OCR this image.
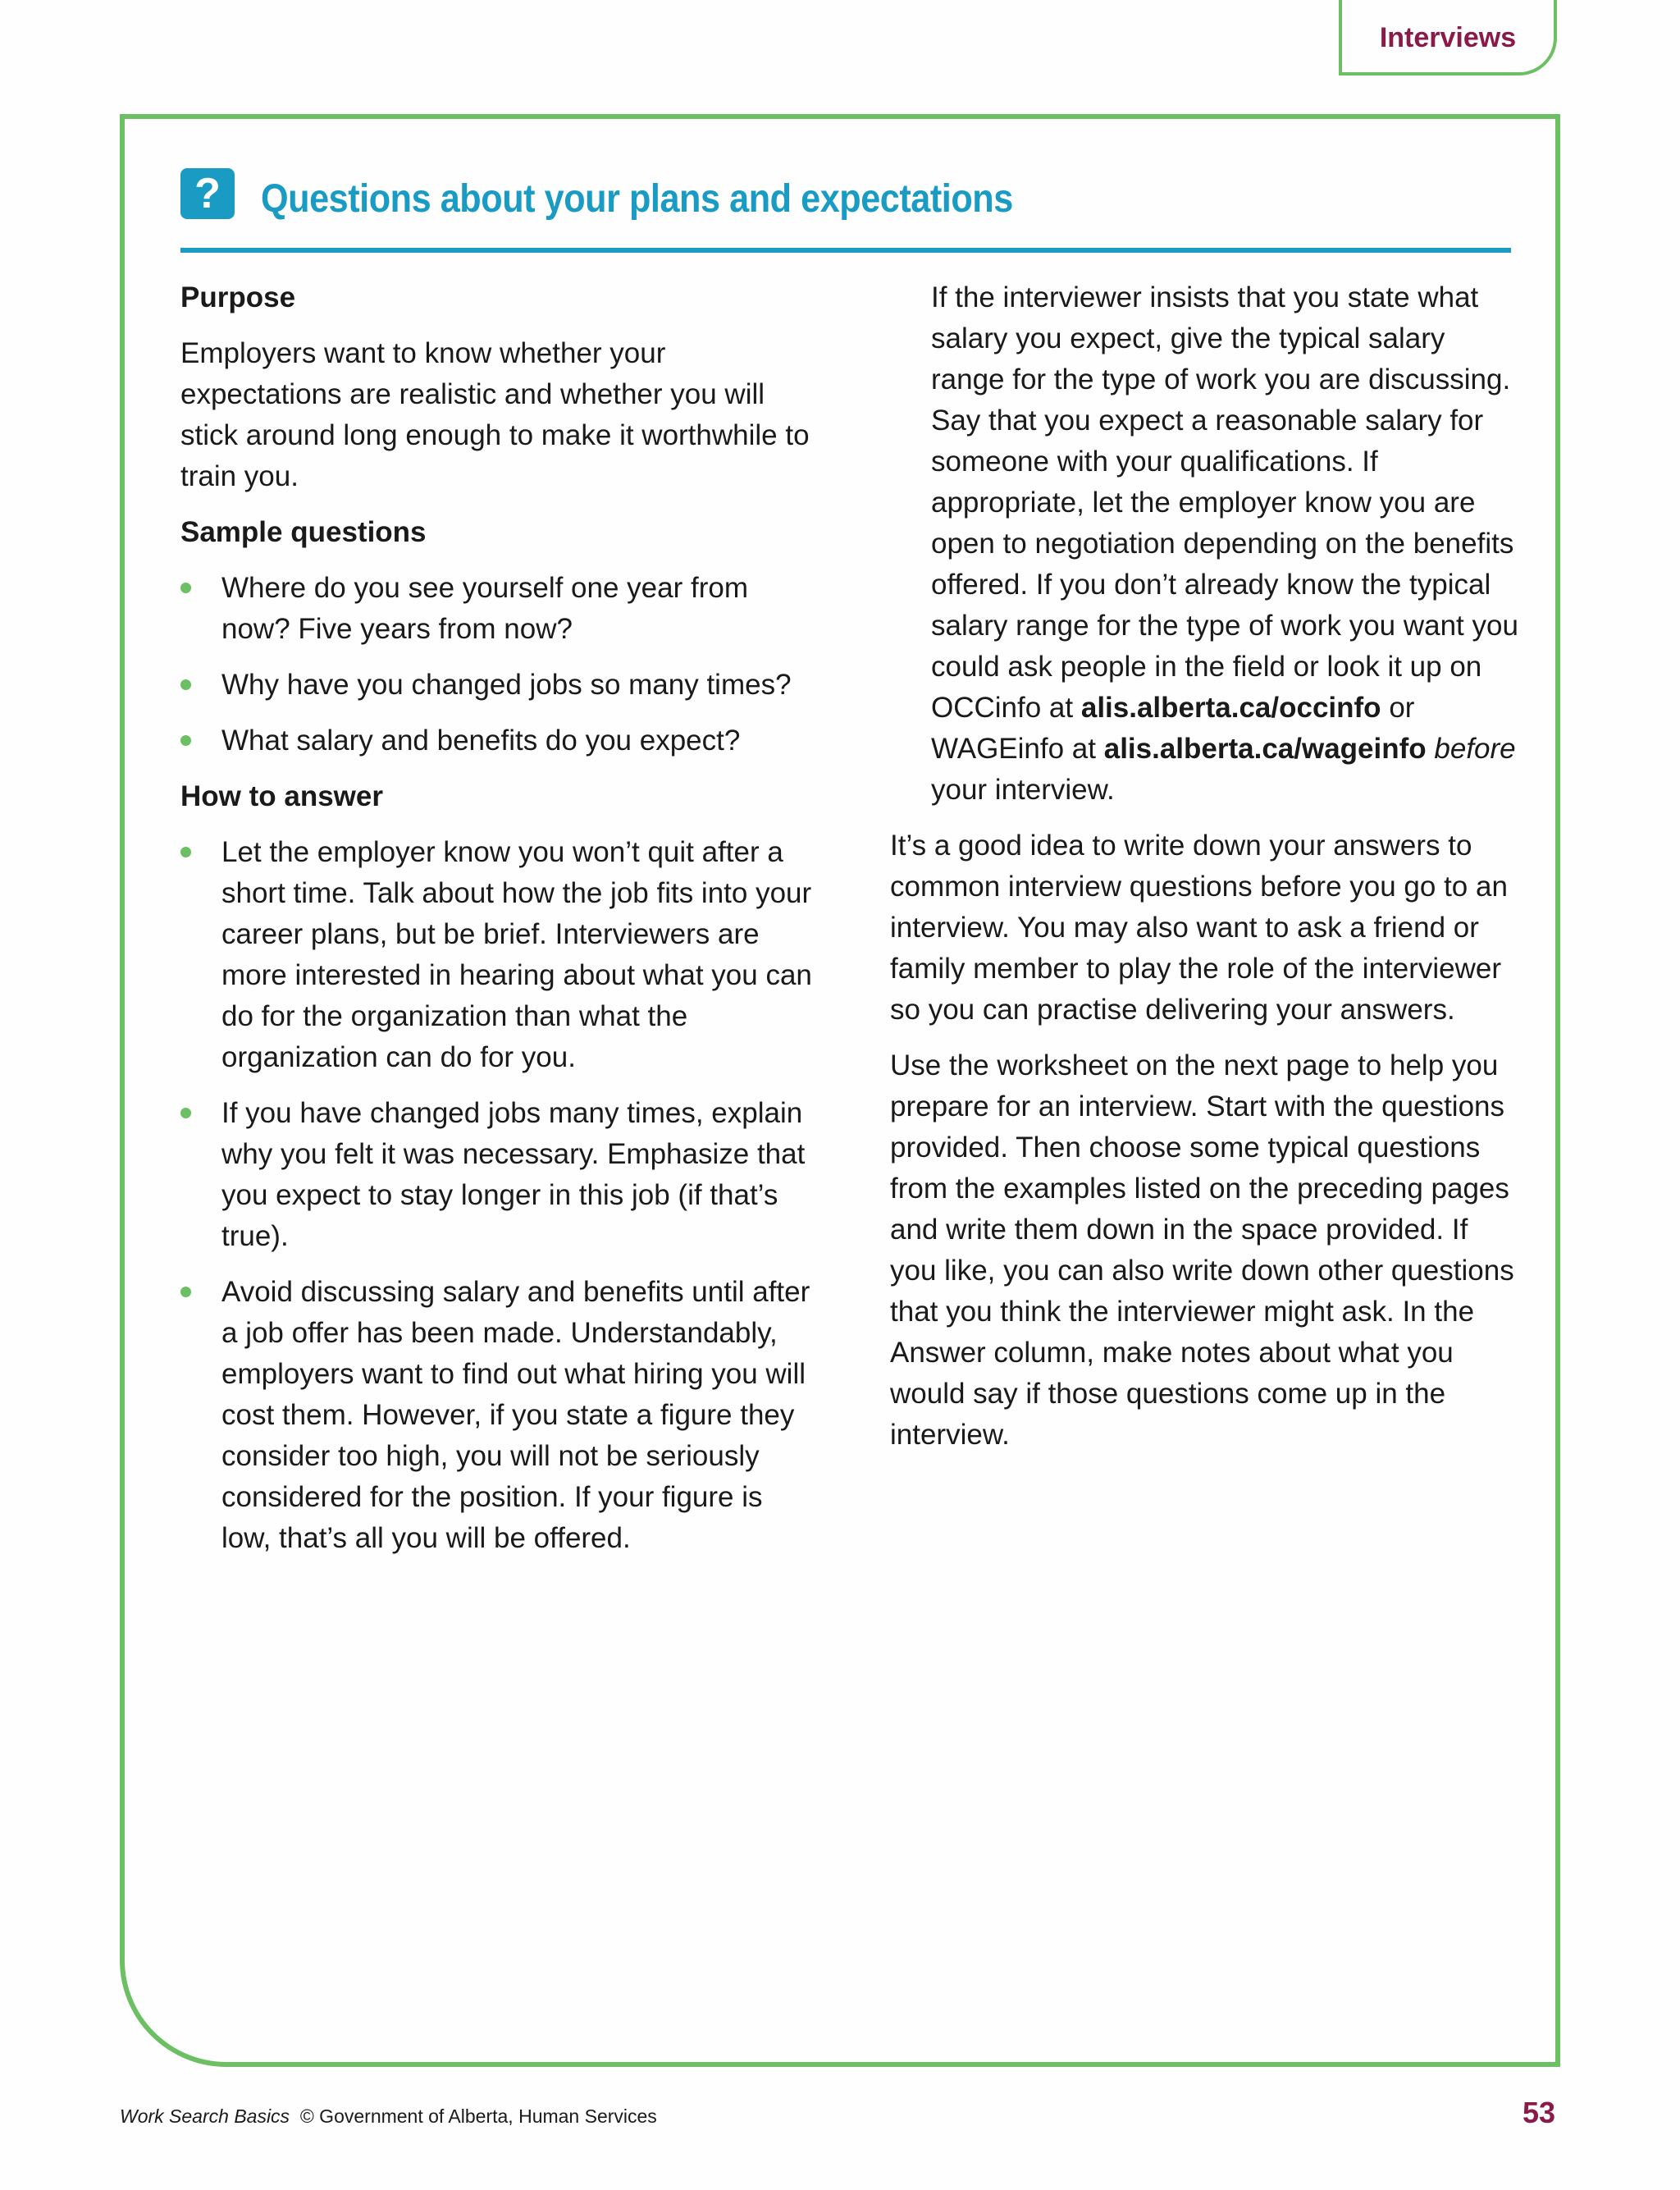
Interviews
?	Questions about your plans and expectations
Purpose

Employers want to know whether your expectations are realistic and whether you will stick around long enough to make it worthwhile to train you.

Sample questions
Where do you see yourself one year from now? Five years from now?
Why have you changed jobs so many times?
What salary and benefits do you expect?
How to answer
Let the employer know you won’t quit after a short time. Talk about how the job fits into your career plans, but be brief. Interviewers are more interested in hearing about what you can do for the organization than what the organization can do for you.
If you have changed jobs many times, explain why you felt it was necessary. Emphasize that you expect to stay longer in this job (if that’s true).
Avoid discussing salary and benefits until after a job offer has been made. Understandably, employers want to find out what hiring you will cost them. However, if you state a figure they consider too high, you will not be seriously considered for the position. If your figure is low, that’s all you will be offered.

If the interviewer insists that you state what salary you expect, give the typical salary range for the type of work you are discussing. Say that you expect a reasonable salary for someone with your qualifications. If appropriate, let the employer know you are open to negotiation depending on the benefits offered. If you don’t already know the typical salary range for the type of work you want you could ask people in the field or look it up on OCCinfo at alis.alberta.ca/occinfo or WAGEinfo at alis.alberta.ca/wageinfo before your interview.

It’s a good idea to write down your answers to common interview questions before you go to an interview. You may also want to ask a friend or family member to play the role of the interviewer so you can practise delivering your answers.

Use the worksheet on the next page to help you prepare for an interview. Start with the questions provided. Then choose some typical questions from the examples listed on the preceding pages and write them down in the space provided. If you like, you can also write down other questions that you think the interviewer might ask. In the Answer column, make notes about what you would say if those questions come up in the interview.

Work Search Basics © Government of Alberta, Human Services	53
